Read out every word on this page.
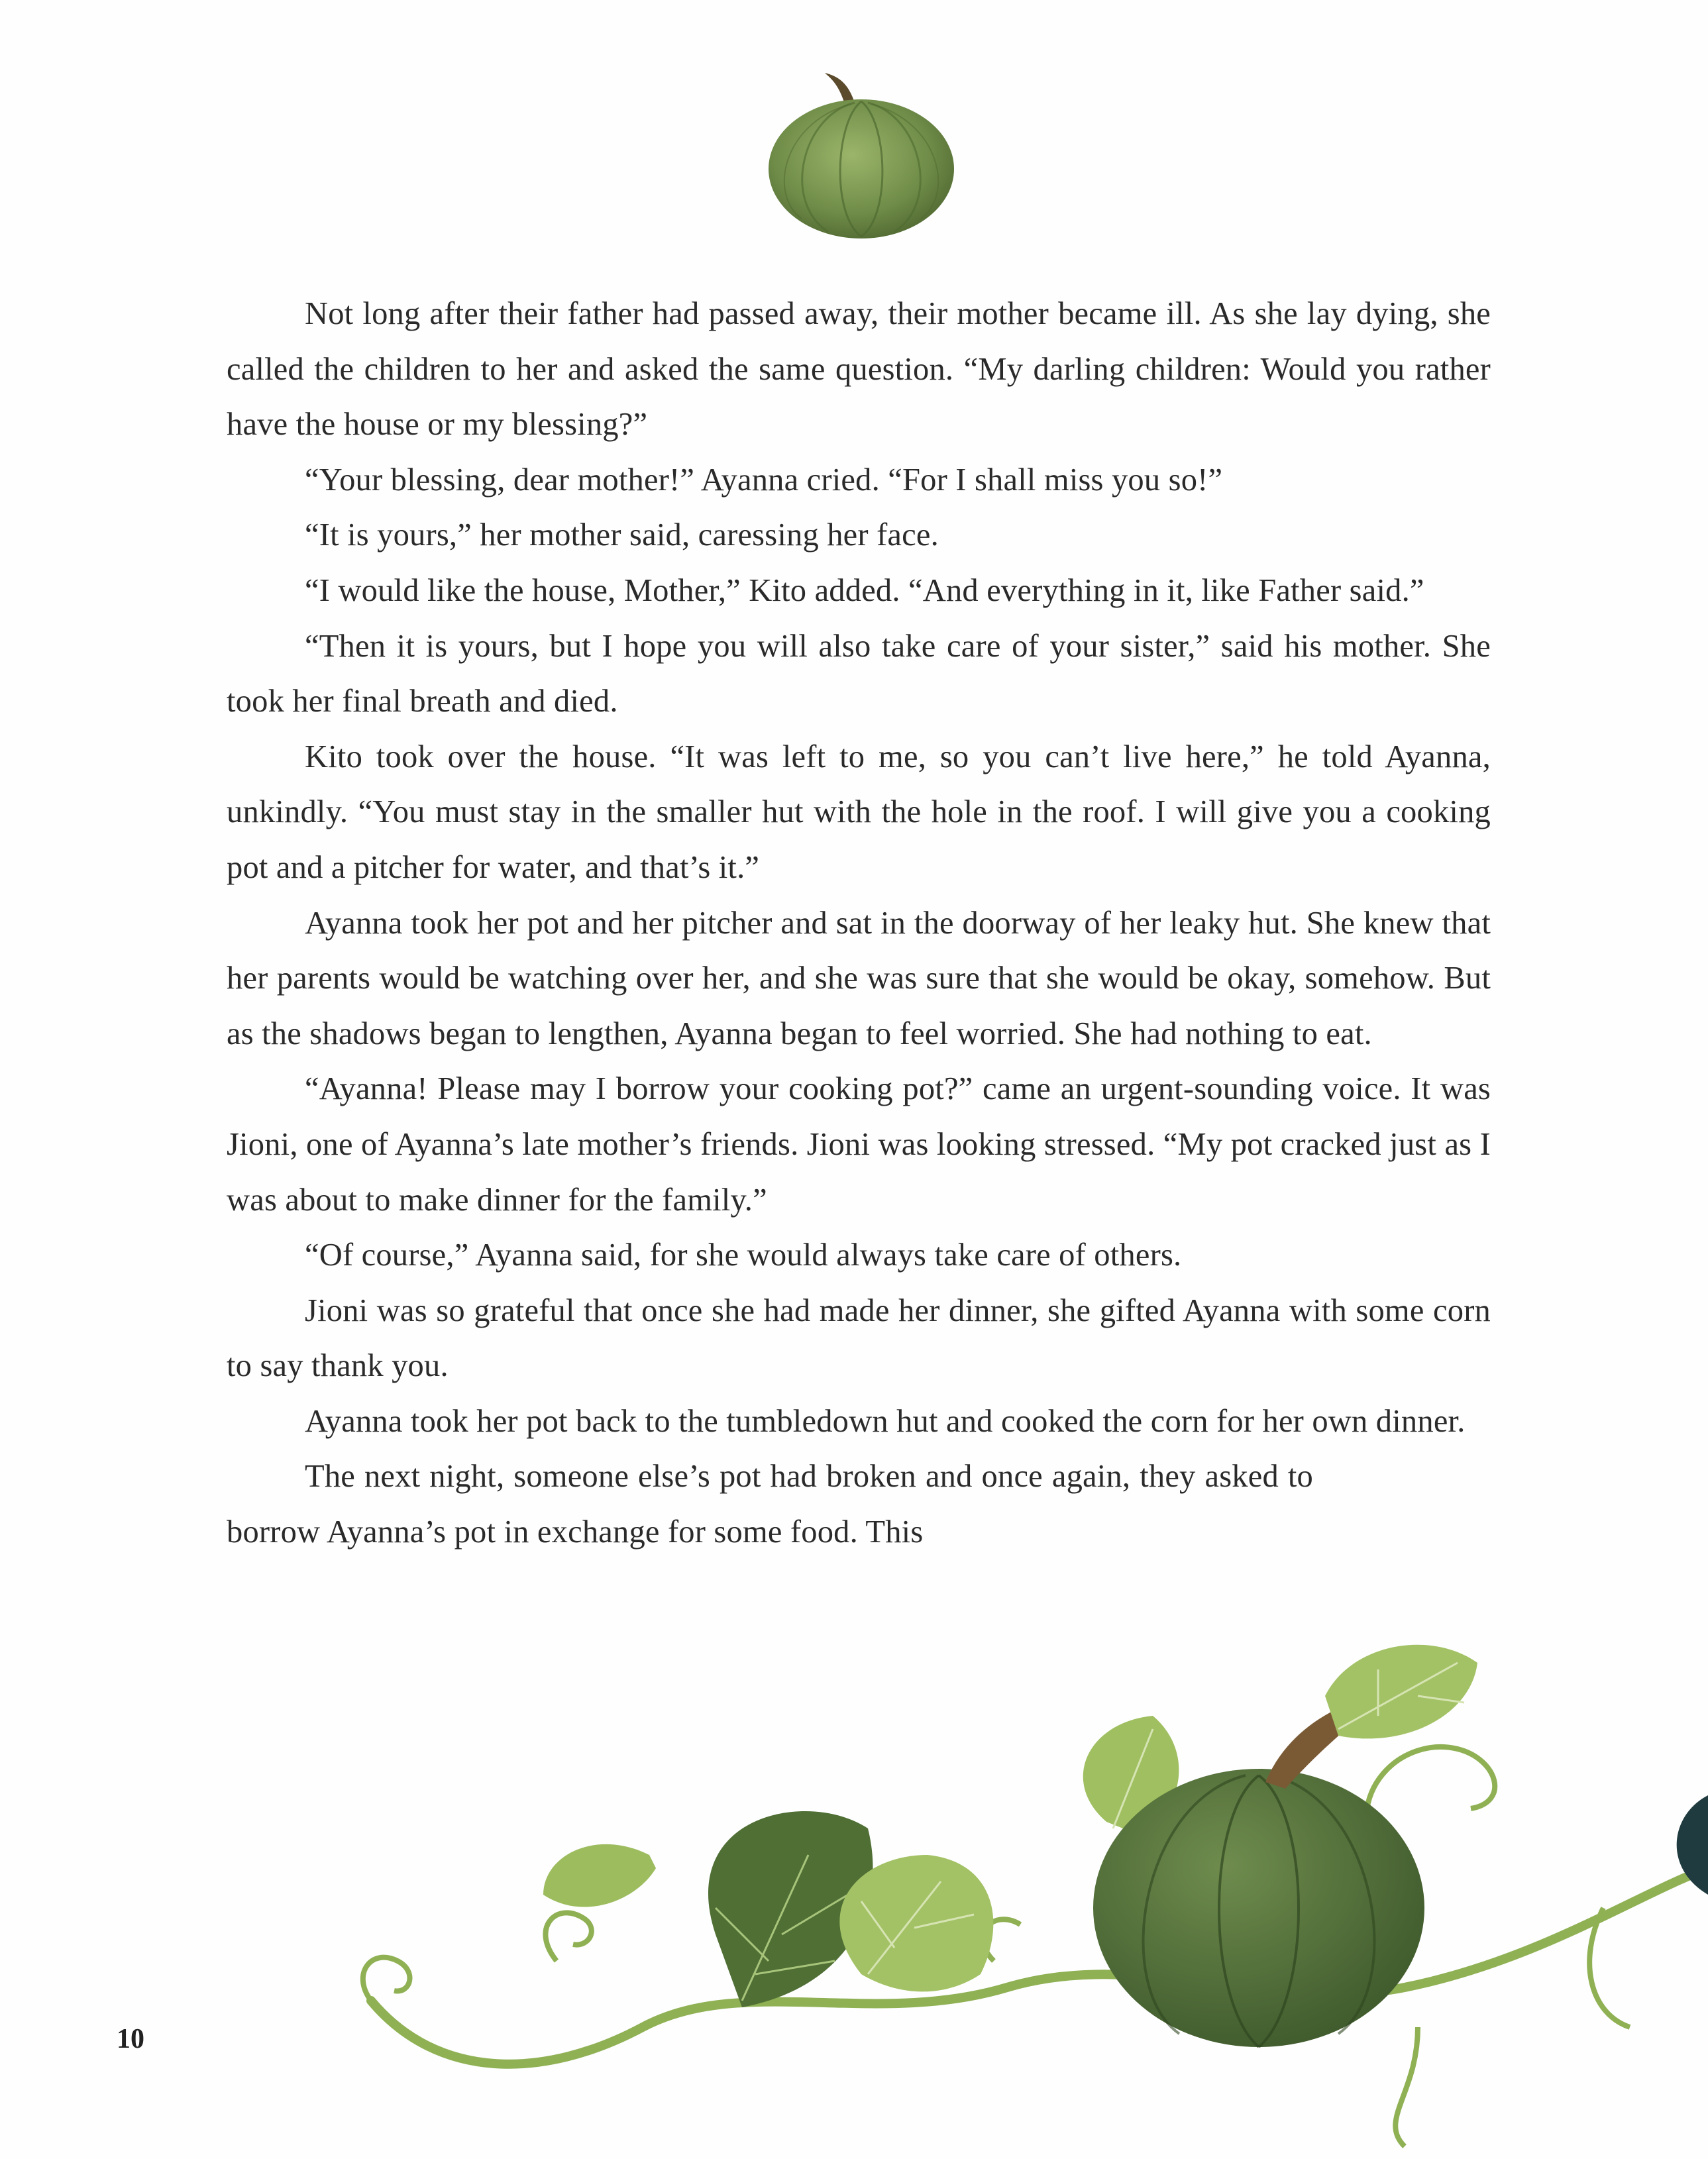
Not long after their father had passed away, their mother became ill. As she lay dying, she called the children to her and asked the same question. “My darling children: Would you rather have the house or my blessing?”

“Your blessing, dear mother!” Ayanna cried. “For I shall miss you so!”

“It is yours,” her mother said, caressing her face.

“I would like the house, Mother,” Kito added. “And everything in it, like Father said.”

“Then it is yours, but I hope you will also take care of your sister,” said his mother. She took her final breath and died.

Kito took over the house. “It was left to me, so you can’t live here,” he told Ayanna, unkindly. “You must stay in the smaller hut with the hole in the roof. I will give you a cooking pot and a pitcher for water, and that’s it.”

Ayanna took her pot and her pitcher and sat in the doorway of her leaky hut. She knew that her parents would be watching over her, and she was sure that she would be okay, somehow. But as the shadows began to lengthen, Ayanna began to feel worried. She had nothing to eat.

“Ayanna! Please may I borrow your cooking pot?” came an urgent-sounding voice. It was Jioni, one of Ayanna’s late mother’s friends. Jioni was looking stressed. “My pot cracked just as I was about to make dinner for the family.”

“Of course,” Ayanna said, for she would always take care of others.

Jioni was so grateful that once she had made her dinner, she gifted Ayanna with some corn to say thank you.

Ayanna took her pot back to the tumbledown hut and cooked the corn for her own dinner.

The next night, someone else’s pot had broken and once again, they asked to borrow Ayanna’s pot in exchange for some food. This

10
